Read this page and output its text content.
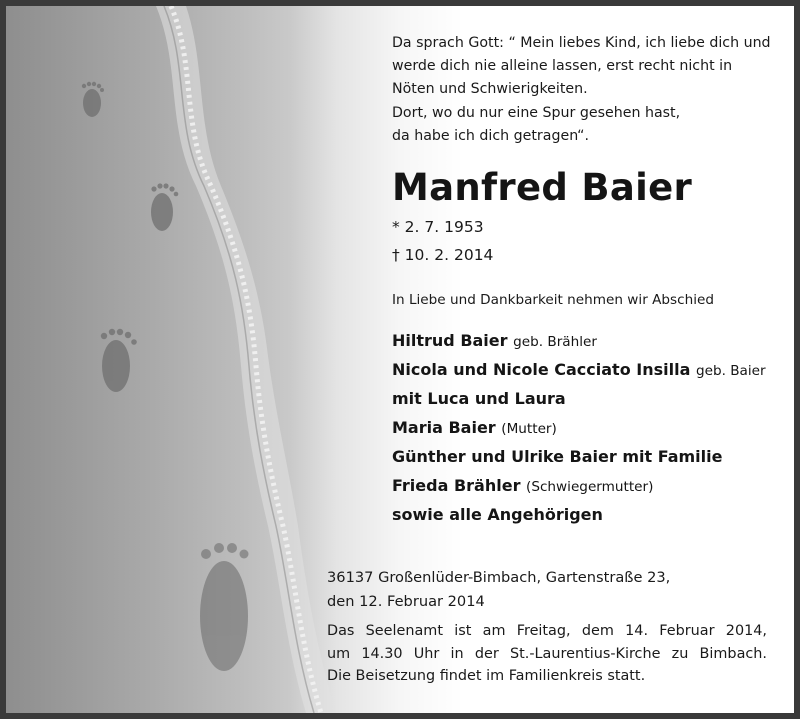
Da sprach Gott: “ Mein liebes Kind, ich liebe dich und
werde dich nie alleine lassen, erst recht nicht in
Nöten und Schwierigkeiten.
Dort, wo du nur eine Spur gesehen hast,
da habe ich dich getragen“.
Manfred Baier
* 2. 7. 1953
† 10. 2. 2014
In Liebe und Dankbarkeit nehmen wir Abschied
Hiltrud Baier geb. Brähler
Nicola und Nicole Cacciato Insilla geb. Baier
mit Luca und Laura
Maria Baier (Mutter)
Günther und Ulrike Baier mit Familie
Frieda Brähler (Schwiegermutter)
sowie alle Angehörigen
36137 Großenlüder-Bimbach, Gartenstraße 23,
den 12. Februar 2014
Das Seelenamt ist am Freitag, dem 14. Februar 2014,
um 14.30 Uhr in der St.-Laurentius-Kirche zu Bimbach.
Die Beisetzung findet im Familienkreis statt.
